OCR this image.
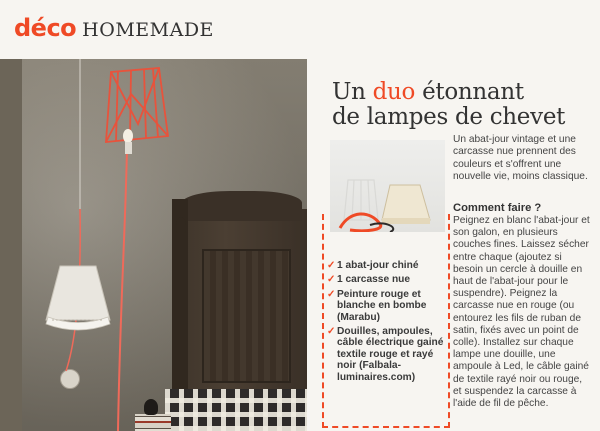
déco HOMEMADE
Un duo étonnant
de lampes de chevet
✓ 1 abat-jour chiné
✓ 1 carcasse nue
✓ Peinture rouge et blanche en bombe (Marabu)
✓ Douilles, ampoules, câble électrique gainé textile rouge et rayé noir (Falbala-luminaires.com)
Un abat-jour vintage et une carcasse nue prennent des couleurs et s'offrent une nouvelle vie, moins classique.
Comment faire ?
Peignez en blanc l'abat-jour et son galon, en plusieurs couches fines. Laissez sécher entre chaque (ajoutez si besoin un cercle à douille en haut de l'abat-jour pour le suspendre). Peignez la carcasse nue en rouge (ou entourez les fils de ruban de satin, fixés avec un point de colle). Installez sur chaque lampe une douille, une ampoule à Led, le câble gainé de textile rayé noir ou rouge, et suspendez la carcasse à l'aide de fil de pêche.
